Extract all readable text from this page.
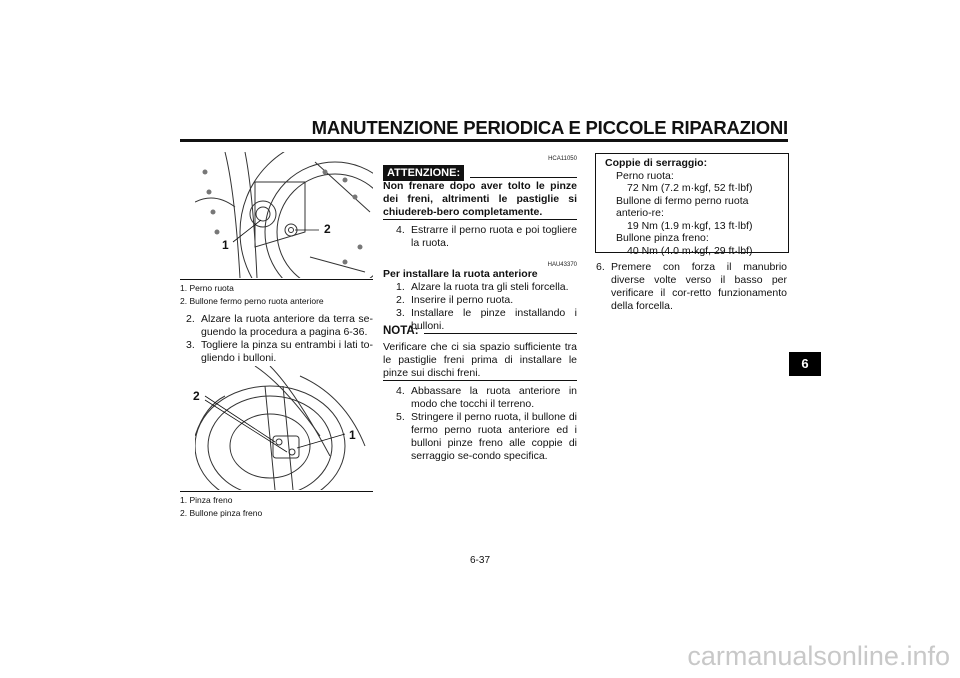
MANUTENZIONE PERIODICA E PICCOLE RIPARAZIONI
6
1
2
1. Perno ruota
2. Bullone fermo perno ruota anteriore
2. Alzare la ruota anteriore da terra se-guendo la procedura a pagina 6-36.
3. Togliere la pinza su entrambi i lati to-gliendo i bulloni.
2
1
1. Pinza freno
2. Bullone pinza freno
HCA11050
ATTENZIONE:
Non frenare dopo aver tolto le pinze dei freni, altrimenti le pastiglie si chiudereb-bero completamente.
4. Estrarre il perno ruota e poi togliere la ruota.
HAU43370
Per installare la ruota anteriore
1. Alzare la ruota tra gli steli forcella.
2. Inserire il perno ruota.
3. Installare le pinze installando i bulloni.
NOTA:
Verificare che ci sia spazio sufficiente tra le pastiglie freni prima di installare le pinze sui dischi freni.
4. Abbassare la ruota anteriore in modo che tocchi il terreno.
5. Stringere il perno ruota, il bullone di fermo perno ruota anteriore ed i bulloni pinze freno alle coppie di serraggio se-condo specifica.
Coppie di serraggio:
Perno ruota:
72 Nm (7.2 m·kgf, 52 ft·lbf)
Bullone di fermo perno ruota anterio-re:
19 Nm (1.9 m·kgf, 13 ft·lbf)
Bullone pinza freno:
40 Nm (4.0 m·kgf, 29 ft·lbf)
6. Premere con forza il manubrio diverse volte verso il basso per verificare il cor-retto funzionamento della forcella.
6-37
carmanualsonline.info
